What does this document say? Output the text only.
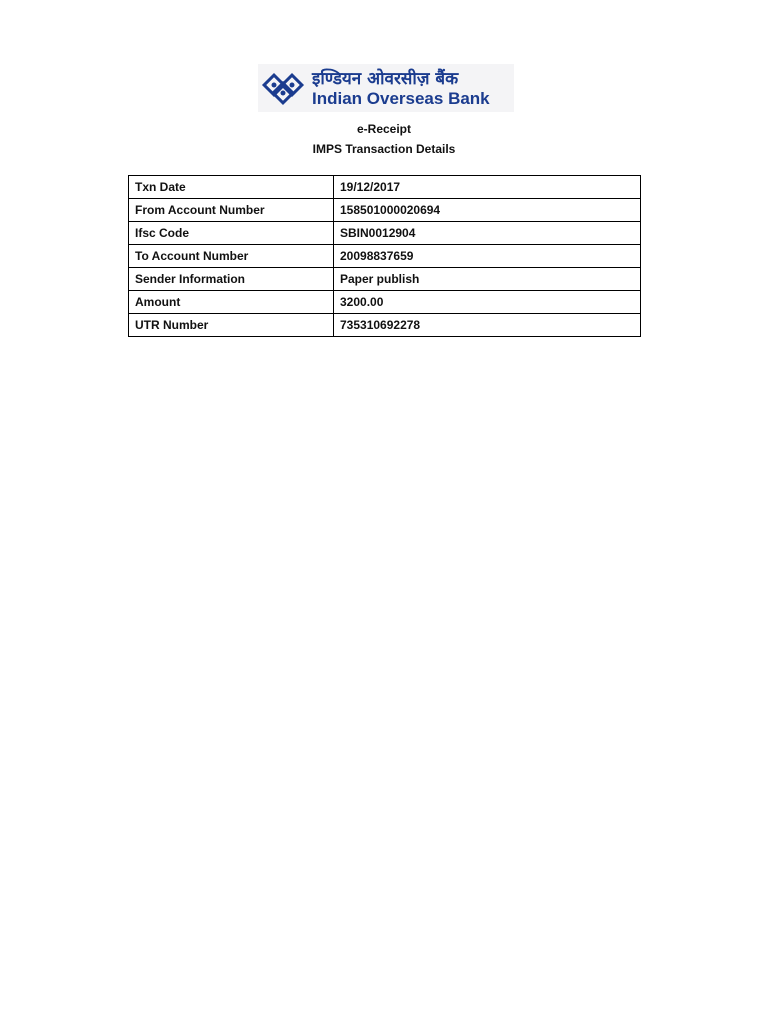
इण्डियन ओवरसीज़ बैंक
Indian Overseas Bank
e-Receipt
IMPS Transaction Details
Txn Date	19/12/2017
From Account Number	158501000020694
Ifsc Code	SBIN0012904
To Account Number	20098837659
Sender Information	Paper publish
Amount	3200.00
UTR Number	735310692278
